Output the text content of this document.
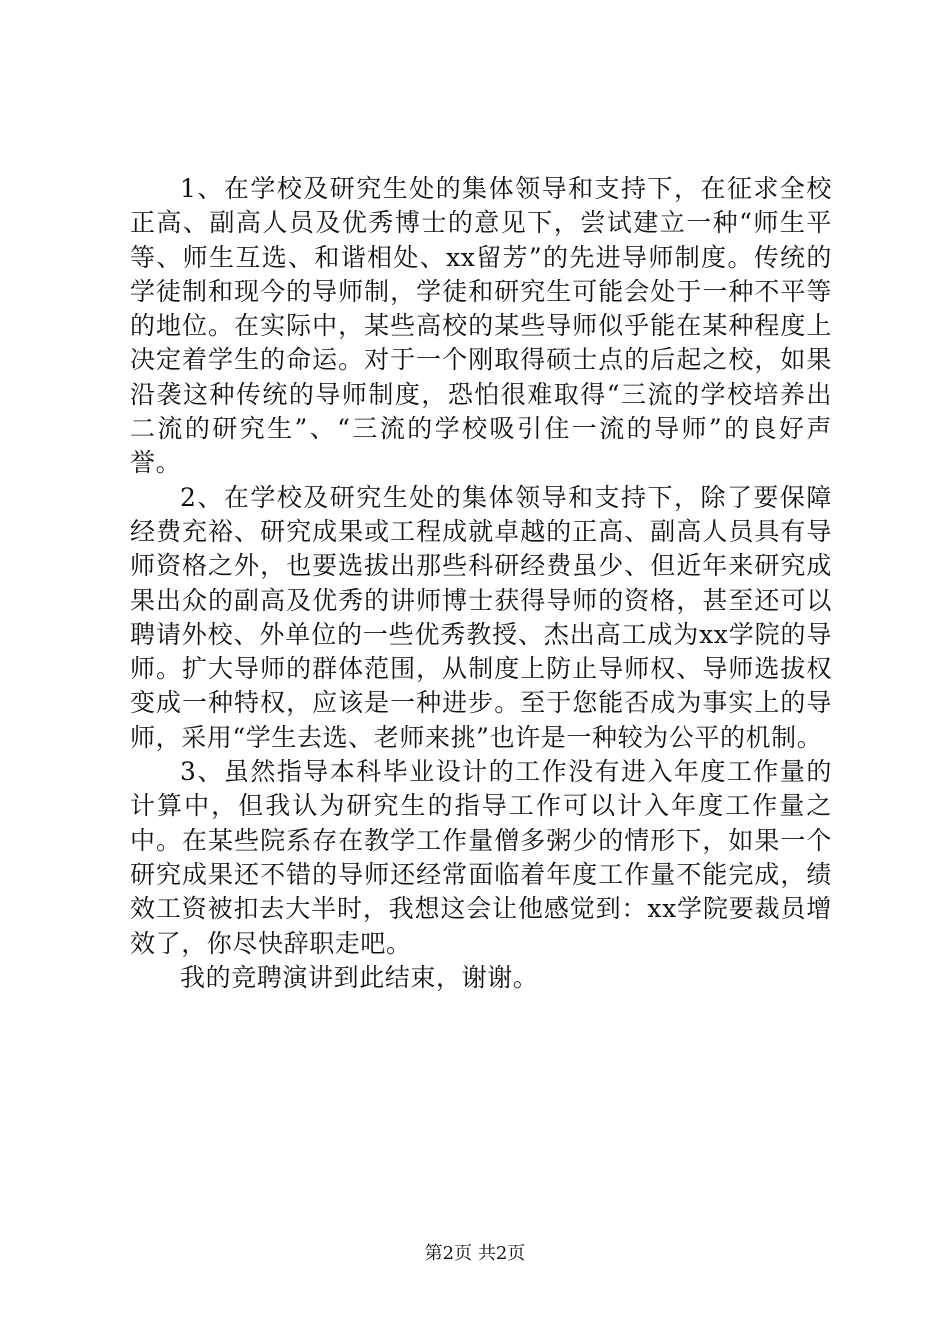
1、在学校及研究生处的集体领导和支持下，在征求全校正高、副高人员及优秀博士的意见下，尝试建立一种“师生平等、师生互选、和谐相处、xx留芳”的先进导师制度。传统的学徒制和现今的导师制，学徒和研究生可能会处于一种不平等的地位。在实际中，某些高校的某些导师似乎能在某种程度上决定着学生的命运。对于一个刚取得硕士点的后起之校，如果沿袭这种传统的导师制度，恐怕很难取得“三流的学校培养出二流的研究生”、“三流的学校吸引住一流的导师”的良好声誉。

2、在学校及研究生处的集体领导和支持下，除了要保障经费充裕、研究成果或工程成就卓越的正高、副高人员具有导师资格之外，也要选拔出那些科研经费虽少、但近年来研究成果出众的副高及优秀的讲师博士获得导师的资格，甚至还可以聘请外校、外单位的一些优秀教授、杰出高工成为xx学院的导师。扩大导师的群体范围，从制度上防止导师权、导师选拔权变成一种特权，应该是一种进步。至于您能否成为事实上的导师，采用“学生去选、老师来挑”也许是一种较为公平的机制。

3、虽然指导本科毕业设计的工作没有进入年度工作量的计算中，但我认为研究生的指导工作可以计入年度工作量之中。在某些院系存在教学工作量僧多粥少的情形下，如果一个研究成果还不错的导师还经常面临着年度工作量不能完成，绩效工资被扣去大半时，我想这会让他感觉到：xx学院要裁员增效了，你尽快辞职走吧。

我的竞聘演讲到此结束，谢谢。

第2页 共2页
